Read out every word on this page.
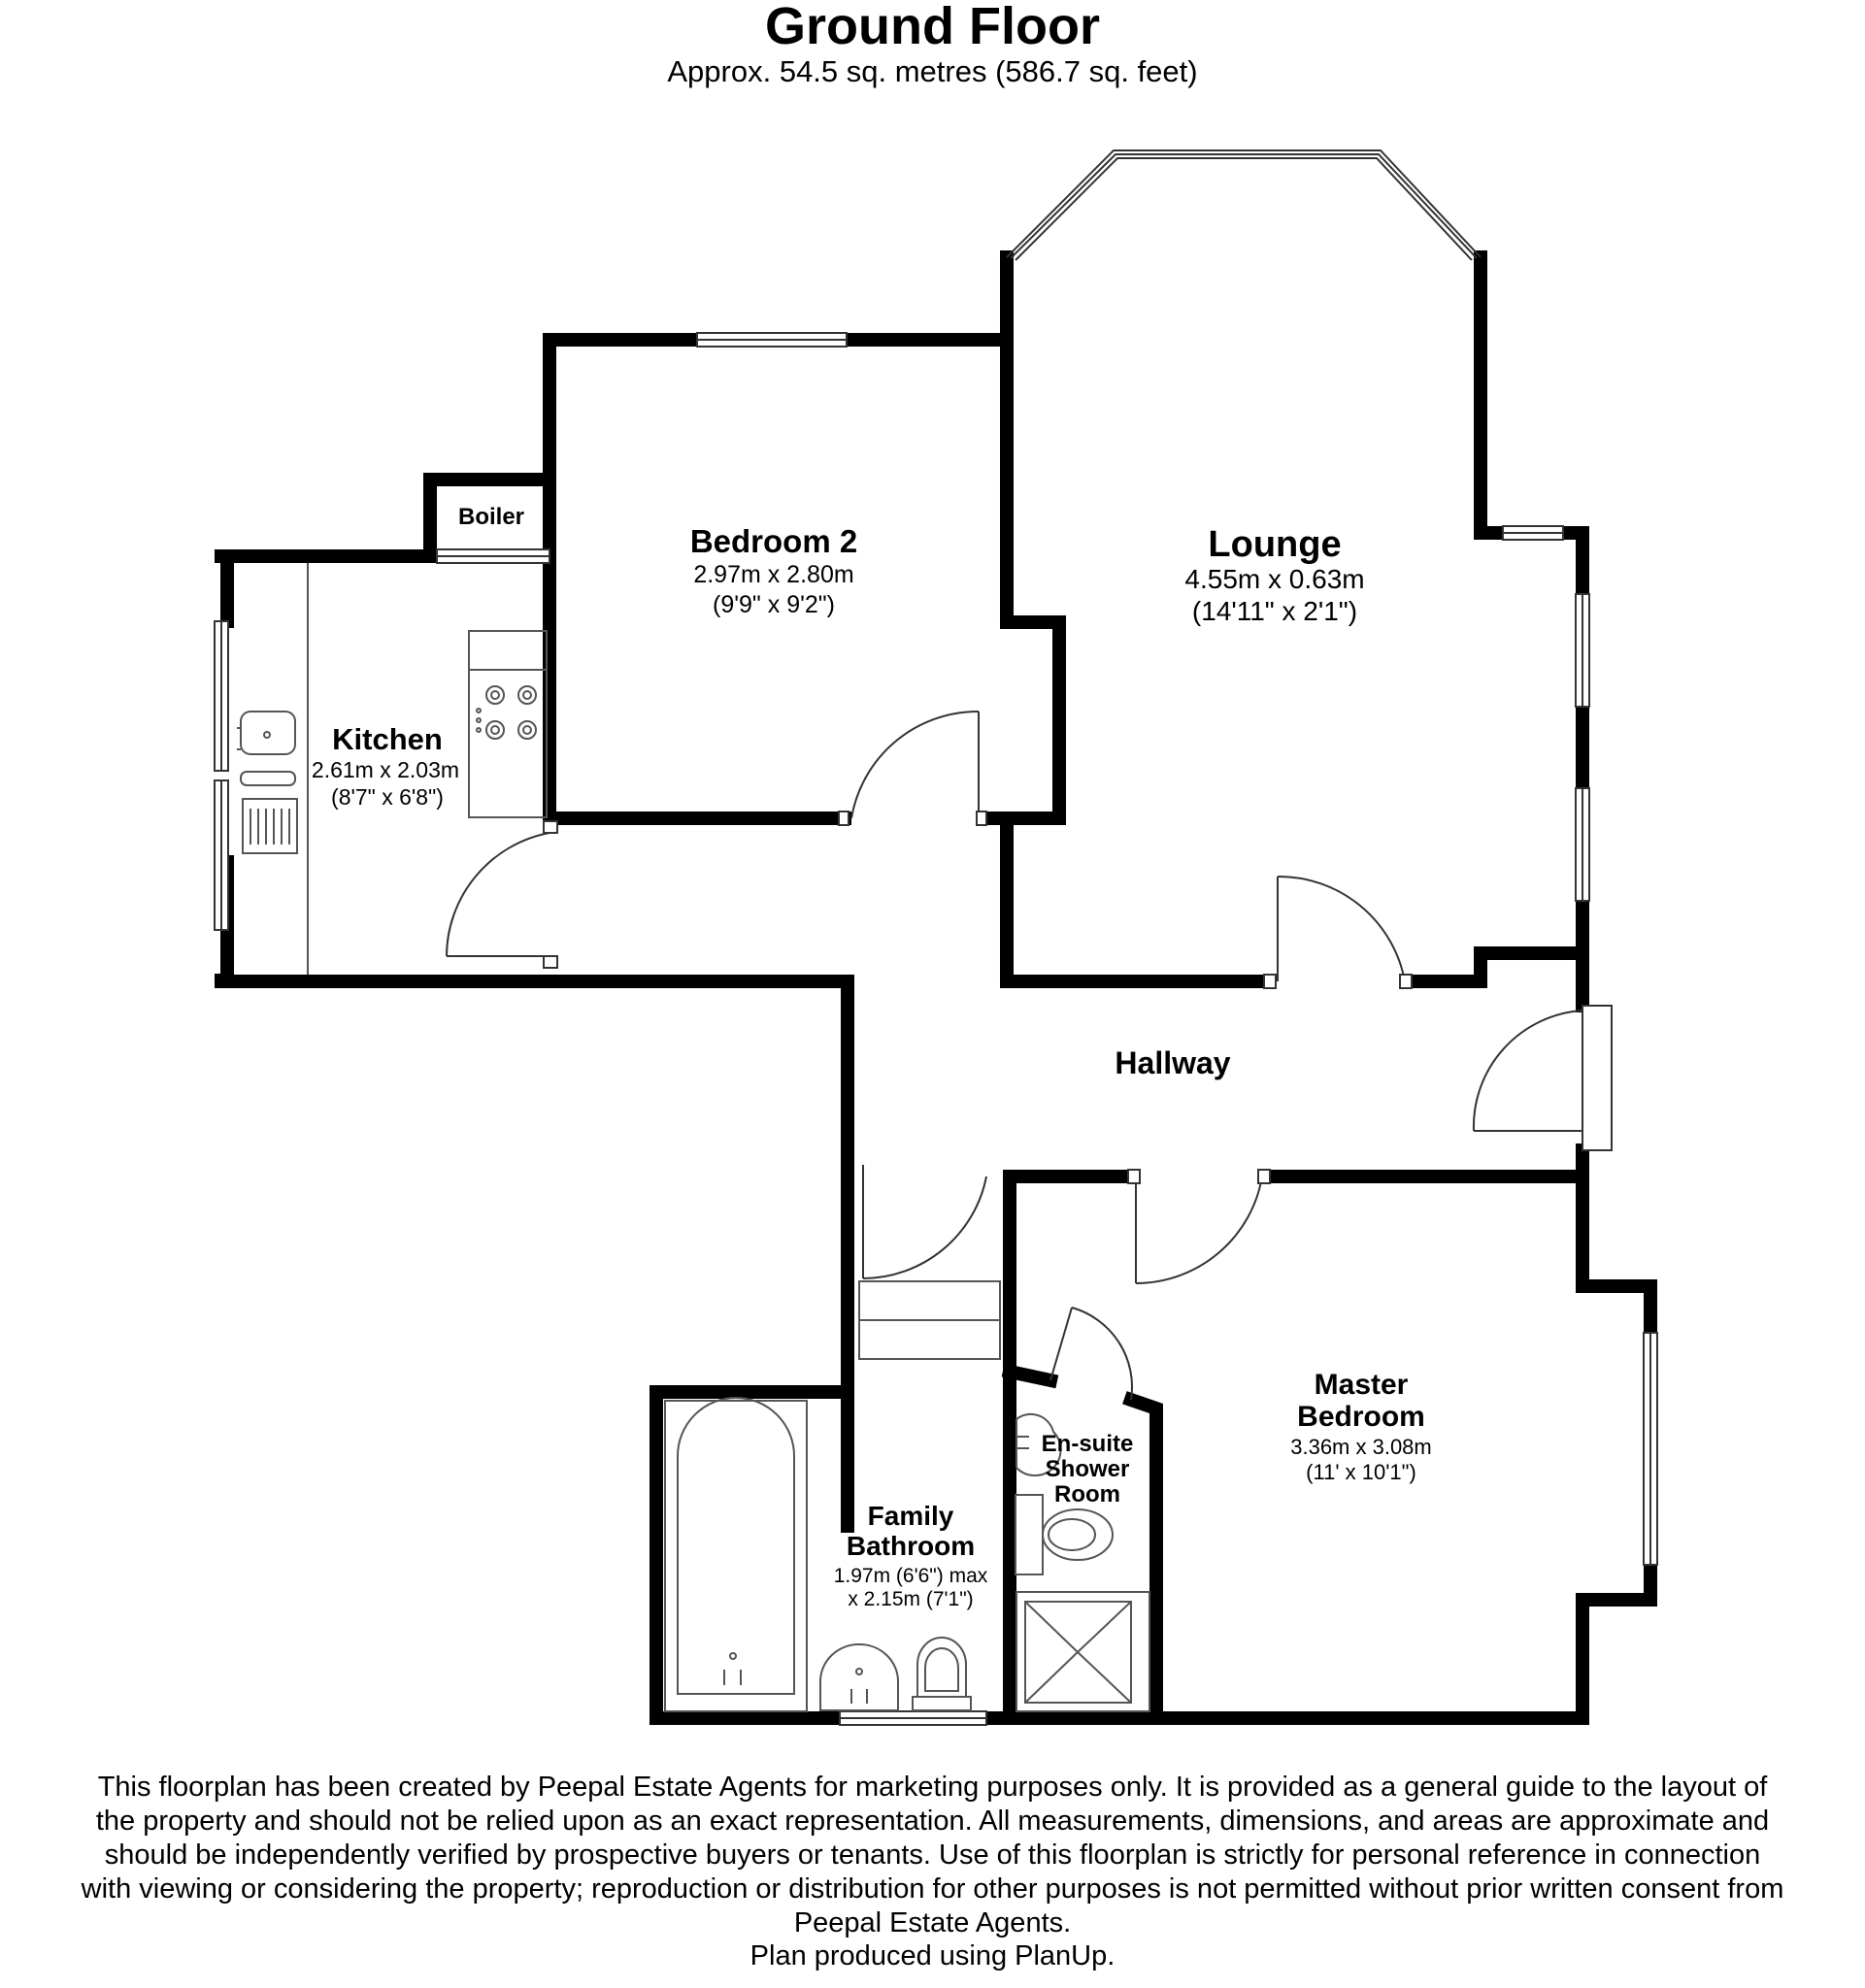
Ground Floor
Approx. 54.5 sq. metres (586.7 sq. feet)
Boiler
Kitchen
2.61m x 2.03m
(8'7" x 6'8")
Bedroom 2
2.97m x 2.80m
(9'9" x 9'2")
Lounge
4.55m x 0.63m
(14'11" x 2'1")
Hallway
En-suite
Shower
Room
Master
Bedroom
3.36m x 3.08m
(11' x 10'1")
Family
Bathroom
1.97m (6'6") max
x 2.15m (7'1")
This floorplan has been created by Peepal Estate Agents for marketing purposes only. It is provided as a general guide to the layout of
the property and should not be relied upon as an exact representation. All measurements, dimensions, and areas are approximate and
should be independently verified by prospective buyers or tenants. Use of this floorplan is strictly for personal reference in connection
with viewing or considering the property; reproduction or distribution for other purposes is not permitted without prior written consent from
Peepal Estate Agents.
Plan produced using PlanUp.
